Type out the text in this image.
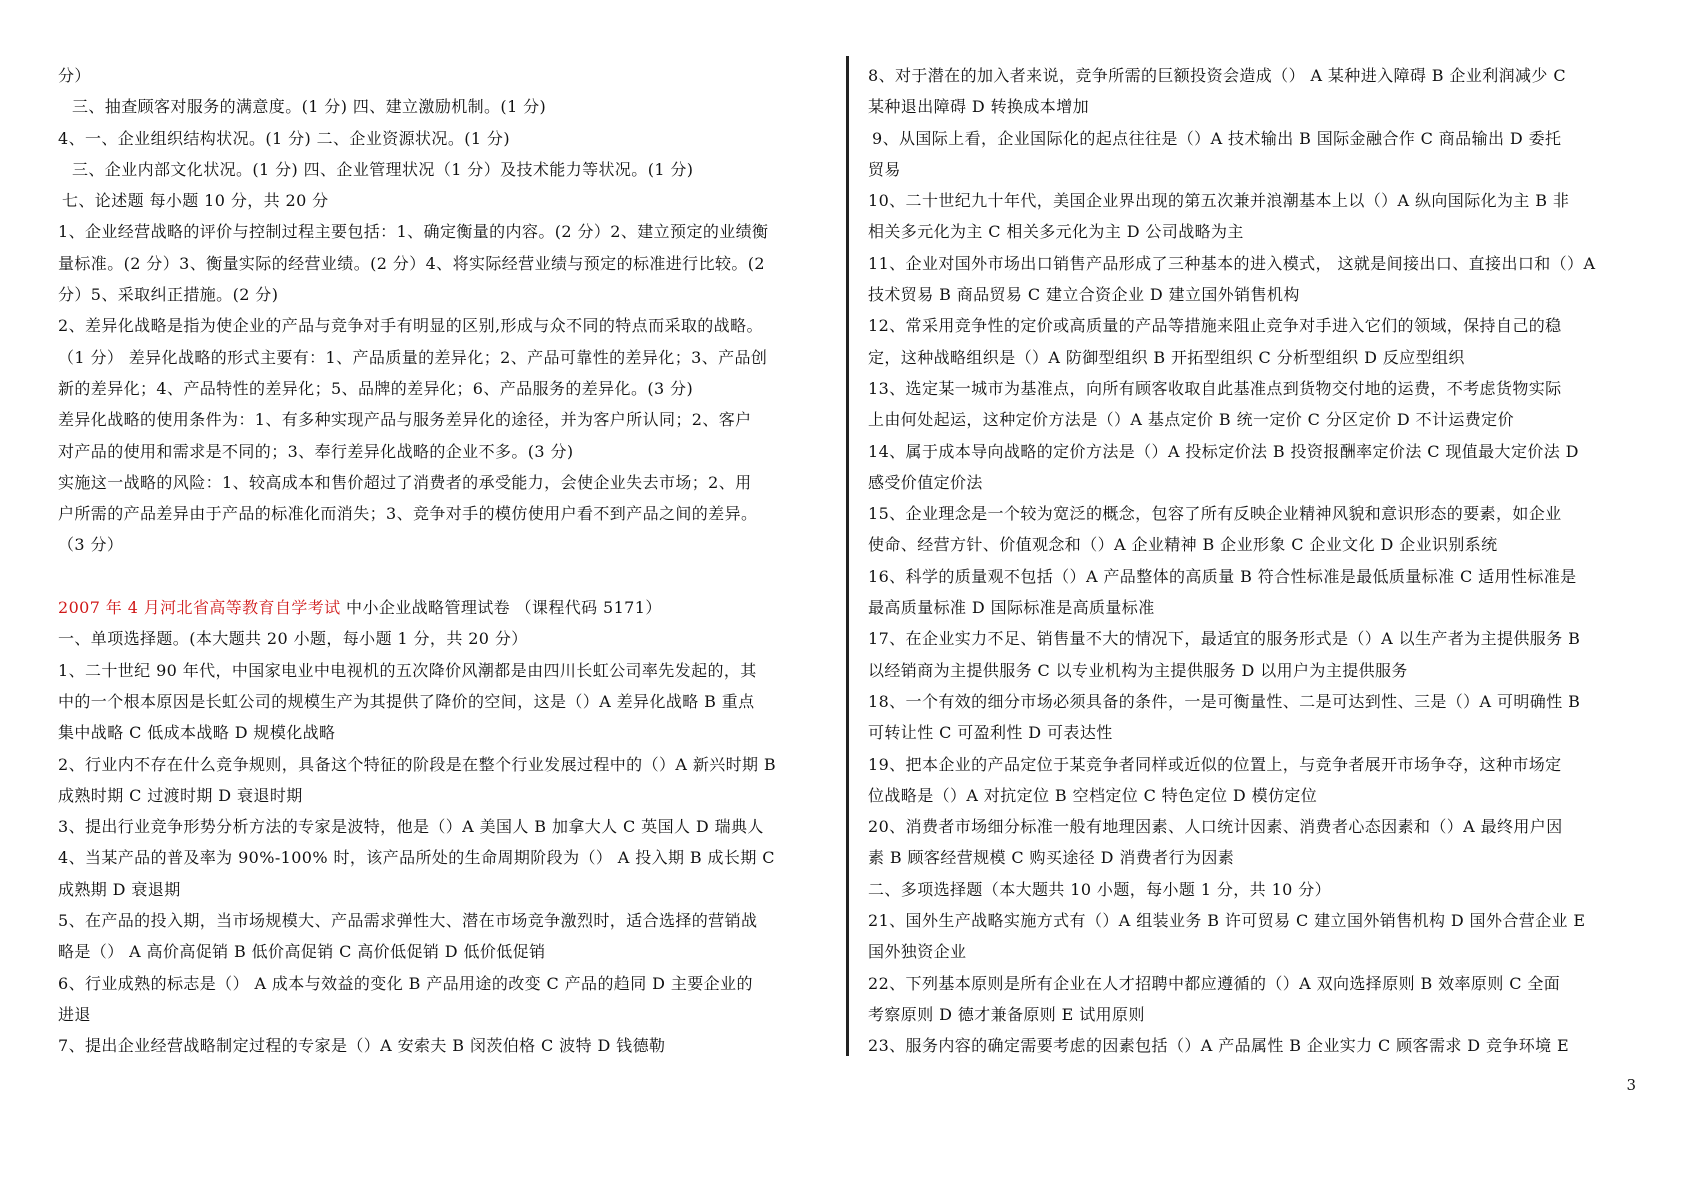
分）
三、抽查顾客对服务的满意度。(1 分) 四、建立激励机制。(1 分)
4、一、企业组织结构状况。(1 分) 二、企业资源状况。(1 分)
三、企业内部文化状况。(1 分) 四、企业管理状况（1 分）及技术能力等状况。(1 分)
七、论述题 每小题 10 分，共 20 分
1、企业经营战略的评价与控制过程主要包括：1、确定衡量的内容。(2 分）2、建立预定的业绩衡
量标准。(2 分）3、衡量实际的经营业绩。(2 分）4、将实际经营业绩与预定的标准进行比较。(2
分）5、采取纠正措施。(2 分)
2、差异化战略是指为使企业的产品与竞争对手有明显的区别,形成与众不同的特点而采取的战略。
（1 分） 差异化战略的形式主要有：1、产品质量的差异化；2、产品可靠性的差异化；3、产品创
新的差异化；4、产品特性的差异化；5、品牌的差异化；6、产品服务的差异化。(3 分)
差异化战略的使用条件为：1、有多种实现产品与服务差异化的途径，并为客户所认同；2、客户
对产品的使用和需求是不同的；3、奉行差异化战略的企业不多。(3 分)
实施这一战略的风险：1、较高成本和售价超过了消费者的承受能力，会使企业失去市场；2、用
户所需的产品差异由于产品的标准化而消失；3、竞争对手的模仿使用户看不到产品之间的差异。
（3 分）
2007 年 4 月河北省高等教育自学考试 中小企业战略管理试卷 （课程代码 5171）
一、单项选择题。(本大题共 20 小题，每小题 1 分，共 20 分）
1、二十世纪 90 年代，中国家电业中电视机的五次降价风潮都是由四川长虹公司率先发起的，其
中的一个根本原因是长虹公司的规模生产为其提供了降价的空间，这是（）A 差异化战略 B 重点
集中战略 C 低成本战略 D 规模化战略
2、行业内不存在什么竞争规则，具备这个特征的阶段是在整个行业发展过程中的（）A 新兴时期 B
成熟时期 C 过渡时期 D 衰退时期
3、提出行业竞争形势分析方法的专家是波特，他是（）A 美国人 B 加拿大人 C 英国人 D 瑞典人
4、当某产品的普及率为 90%-100% 时，该产品所处的生命周期阶段为（） A 投入期 B 成长期 C
成熟期 D 衰退期
5、在产品的投入期，当市场规模大、产品需求弹性大、潜在市场竞争激烈时，适合选择的营销战
略是（） A 高价高促销 B 低价高促销 C 高价低促销 D 低价低促销
6、行业成熟的标志是（） A 成本与效益的变化 B 产品用途的改变 C 产品的趋同 D 主要企业的
进退
7、提出企业经营战略制定过程的专家是（）A 安索夫 B 闵茨伯格 C 波特 D 钱德勒
8、对于潜在的加入者来说，竞争所需的巨额投资会造成（） A 某种进入障碍 B 企业利润减少 C
某种退出障碍 D 转换成本增加
9、从国际上看，企业国际化的起点往往是（）A 技术输出 B 国际金融合作 C 商品输出 D 委托
贸易
10、二十世纪九十年代，美国企业界出现的第五次兼并浪潮基本上以（）A 纵向国际化为主 B 非
相关多元化为主 C 相关多元化为主 D 公司战略为主
11、企业对国外市场出口销售产品形成了三种基本的进入模式， 这就是间接出口、直接出口和（）A
技术贸易 B 商品贸易 C 建立合资企业 D 建立国外销售机构
12、常采用竞争性的定价或高质量的产品等措施来阻止竞争对手进入它们的领域，保持自己的稳
定，这种战略组织是（）A 防御型组织 B 开拓型组织 C 分析型组织 D 反应型组织
13、选定某一城市为基准点，向所有顾客收取自此基准点到货物交付地的运费，不考虑货物实际
上由何处起运，这种定价方法是（）A 基点定价 B 统一定价 C 分区定价 D 不计运费定价
14、属于成本导向战略的定价方法是（）A 投标定价法 B 投资报酬率定价法 C 现值最大定价法 D
感受价值定价法
15、企业理念是一个较为宽泛的概念，包容了所有反映企业精神风貌和意识形态的要素，如企业
使命、经营方针、价值观念和（）A 企业精神 B 企业形象 C 企业文化 D 企业识别系统
16、科学的质量观不包括（）A 产品整体的高质量 B 符合性标准是最低质量标准 C 适用性标准是
最高质量标准 D 国际标准是高质量标准
17、在企业实力不足、销售量不大的情况下，最适宜的服务形式是（）A 以生产者为主提供服务 B
以经销商为主提供服务 C 以专业机构为主提供服务 D 以用户为主提供服务
18、一个有效的细分市场必须具备的条件，一是可衡量性、二是可达到性、三是（）A 可明确性 B
可转让性 C 可盈利性 D 可表达性
19、把本企业的产品定位于某竞争者同样或近似的位置上，与竞争者展开市场争夺，这种市场定
位战略是（）A 对抗定位 B 空档定位 C 特色定位 D 模仿定位
20、消费者市场细分标准一般有地理因素、人口统计因素、消费者心态因素和（）A 最终用户因
素 B 顾客经营规模 C 购买途径 D 消费者行为因素
二、多项选择题（本大题共 10 小题，每小题 1 分，共 10 分）
21、国外生产战略实施方式有（）A 组装业务 B 许可贸易 C 建立国外销售机构 D 国外合营企业 E
国外独资企业
22、下列基本原则是所有企业在人才招聘中都应遵循的（）A 双向选择原则 B 效率原则 C 全面
考察原则 D 德才兼备原则 E 试用原则
23、服务内容的确定需要考虑的因素包括（）A 产品属性 B 企业实力 C 顾客需求 D 竞争环境 E
3
